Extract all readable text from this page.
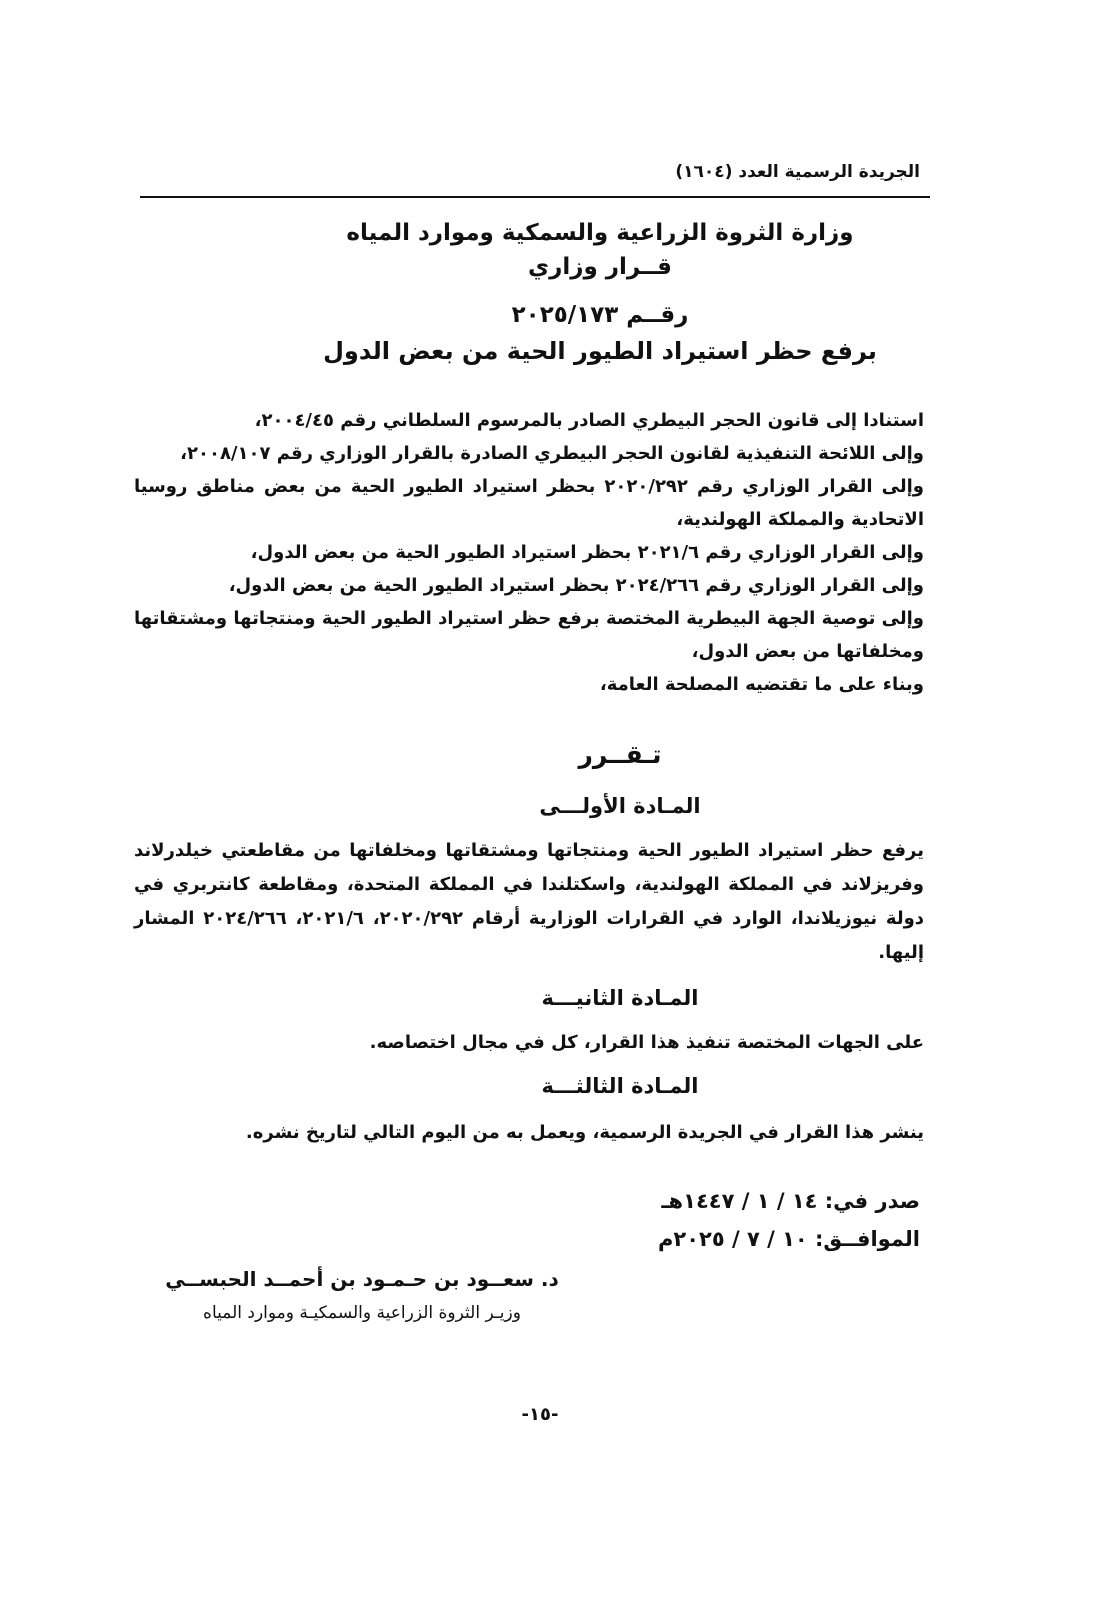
الجريدة الرسمية العدد (١٦٠٤)
وزارة الثروة الزراعية والسمكية وموارد المياه
قــرار وزاري
رقــم ٢٠٢٥/١٧٣
برفع حظر استيراد الطيور الحية من بعض الدول

استنادا إلى قانون الحجر البيطري الصادر بالمرسوم السلطاني رقم ٢٠٠٤/٤٥،

وإلى اللائحة التنفيذية لقانون الحجر البيطري الصادرة بالقرار الوزاري رقم ٢٠٠٨/١٠٧،

وإلى القرار الوزاري رقم ٢٠٢٠/٢٩٢ بحظر استيراد الطيور الحية من بعض مناطق روسيا الاتحادية والمملكة الهولندية،

وإلى القرار الوزاري رقم ٢٠٢١/٦ بحظر استيراد الطيور الحية من بعض الدول،

وإلى القرار الوزاري رقم ٢٠٢٤/٢٦٦ بحظر استيراد الطيور الحية من بعض الدول،

وإلى توصية الجهة البيطرية المختصة برفع حظر استيراد الطيور الحية ومنتجاتها ومشتقاتها ومخلفاتها من بعض الدول،

وبناء على ما تقتضيه المصلحة العامة،

تـقــرر
المـادة الأولـــى

يرفع حظر استيراد الطيور الحية ومنتجاتها ومشتقاتها ومخلفاتها من مقاطعتي خيلدرلاند وفريزلاند في المملكة الهولندية، واسكتلندا في المملكة المتحدة، ومقاطعة كانتربري في دولة نيوزيلاندا، الوارد في القرارات الوزارية أرقام ٢٠٢٠/٢٩٢، ٢٠٢١/٦، ٢٠٢٤/٢٦٦ المشار إليها.

المـادة الثانيـــة

على الجهات المختصة تنفيذ هذا القرار، كل في مجال اختصاصه.

المـادة الثالثـــة

ينشر هذا القرار في الجريدة الرسمية، ويعمل به من اليوم التالي لتاريخ نشره.

صدر في: ١٤ / ١ / ١٤٤٧هـ
الموافــق: ١٠ / ٧ / ٢٠٢٥م
د. سعــود بن حـمـود بن أحمــد الحبســي
وزيـر الثروة الزراعية والسمكيـة وموارد المياه
-١٥-
